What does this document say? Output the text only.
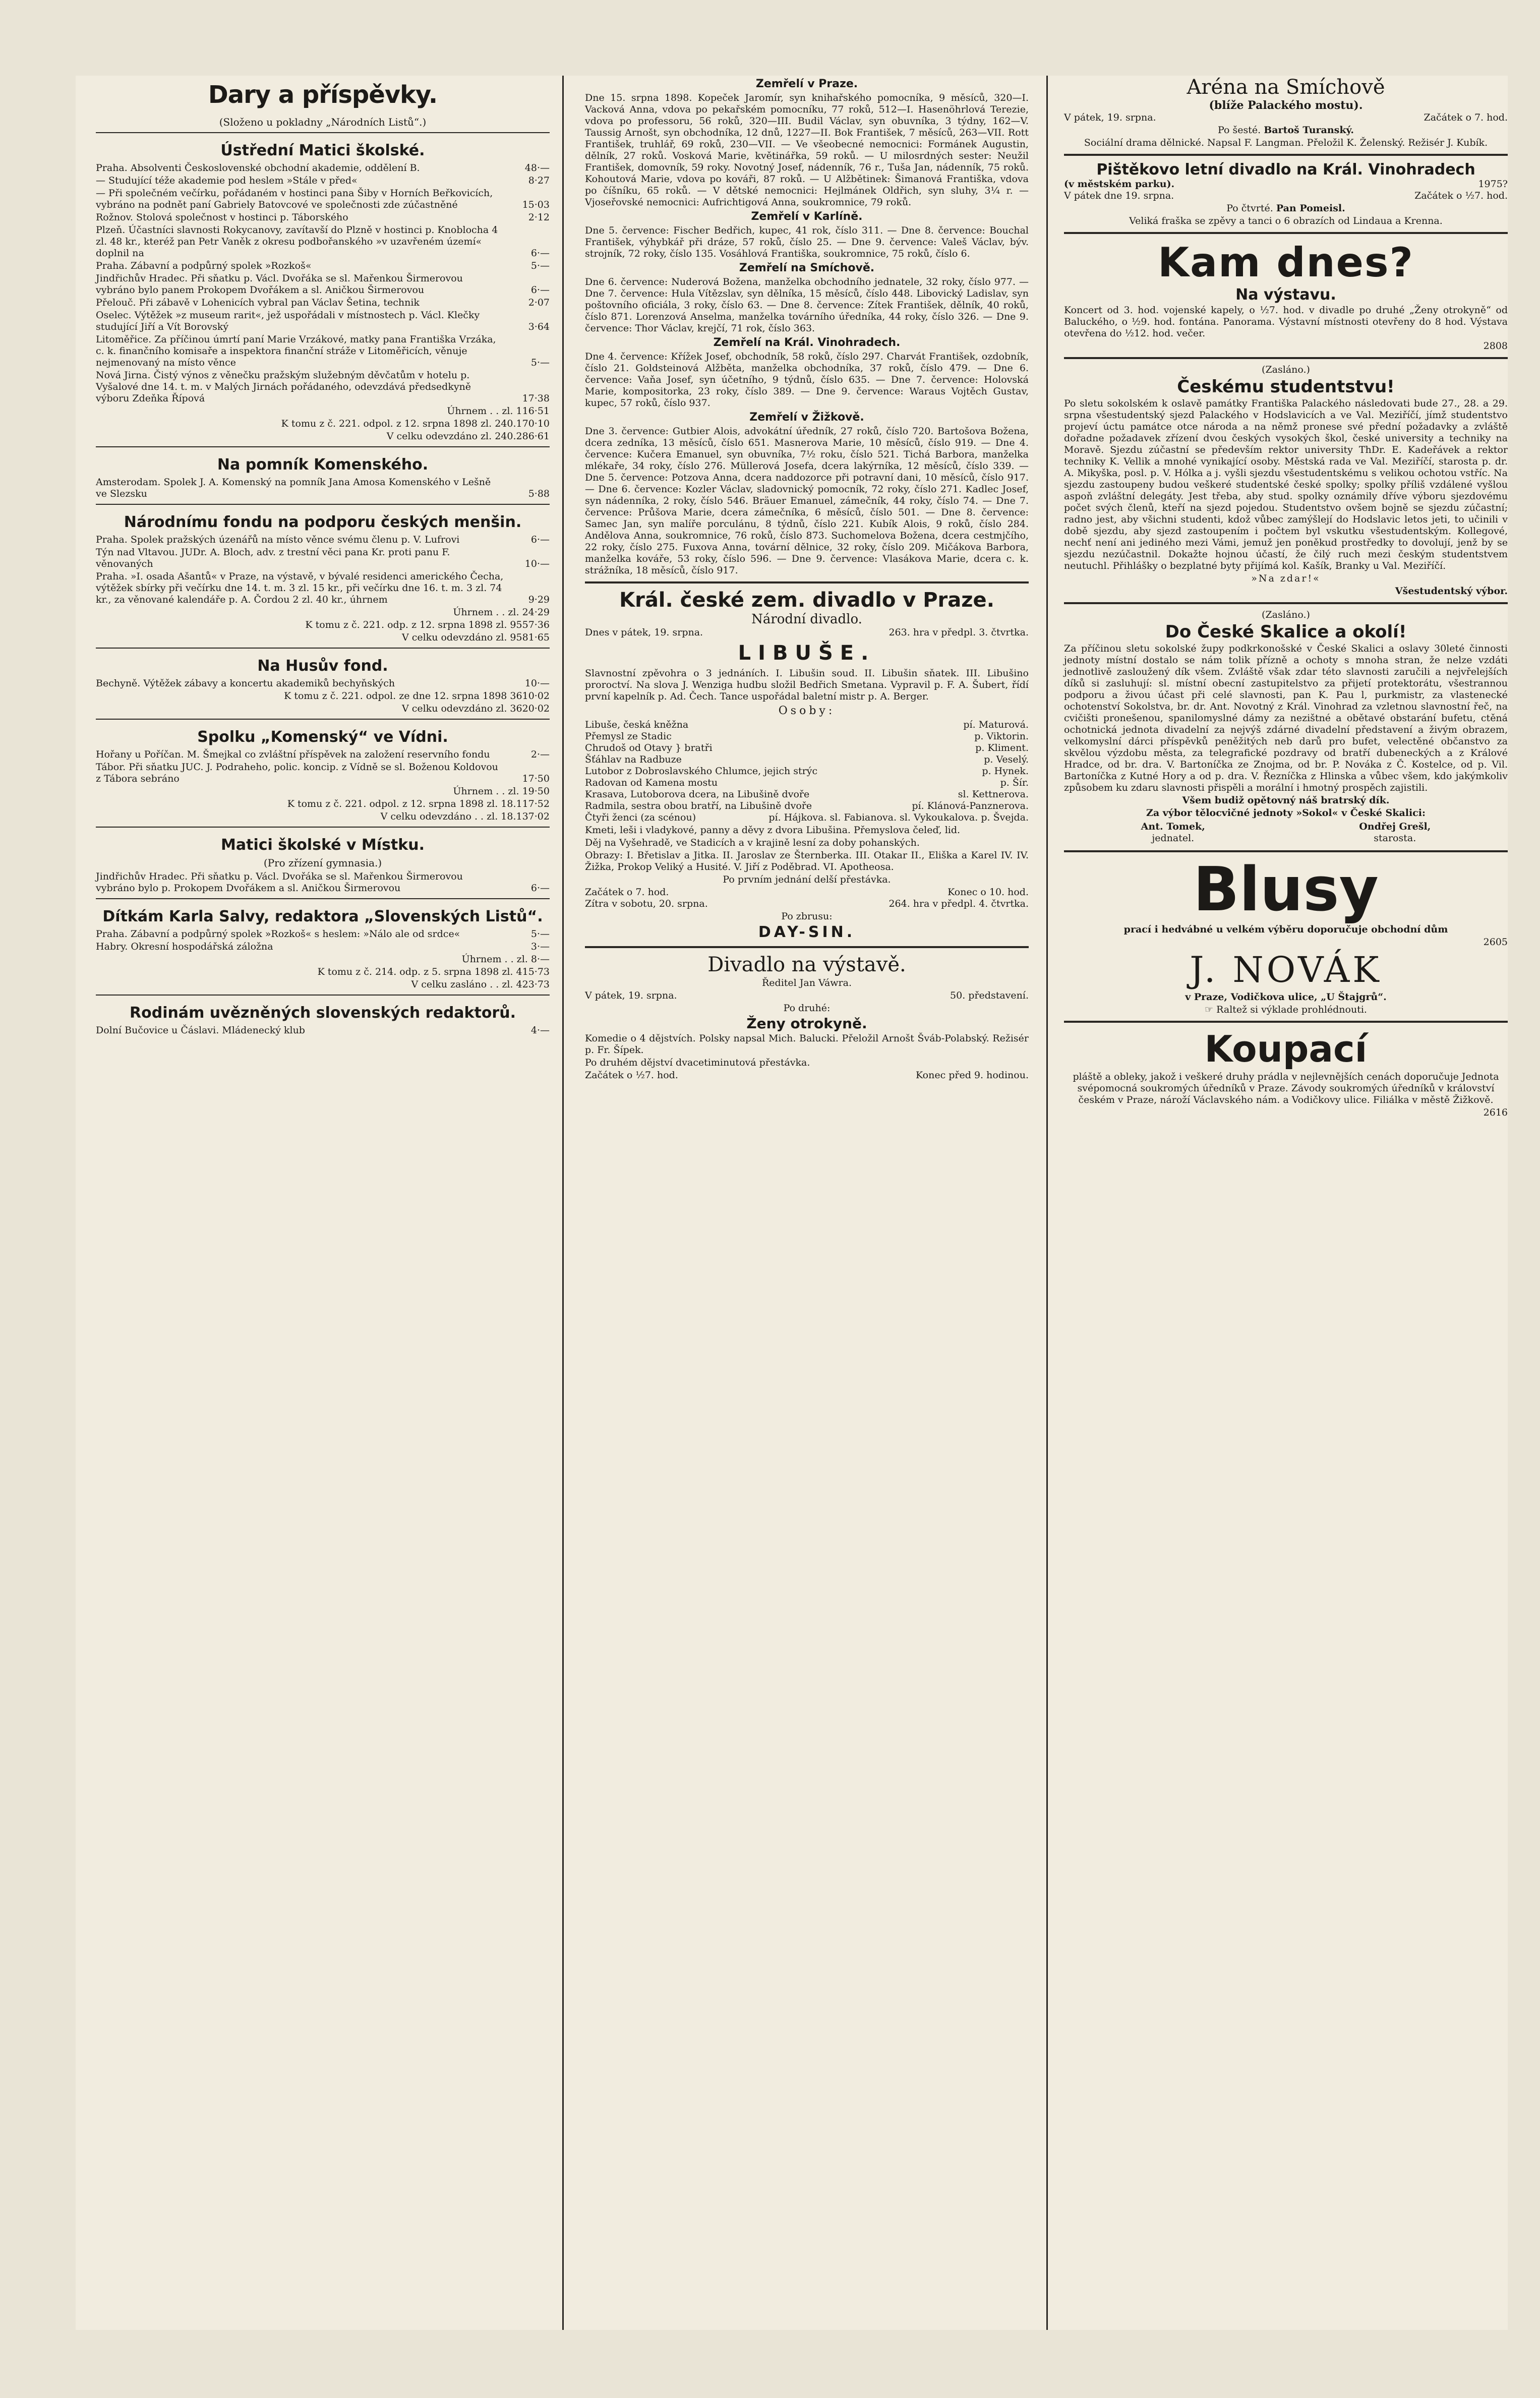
Dary a příspěvky.
(Složeno u pokladny „Národních Listů“.)
Ústřední Matici školské.
Praha. Absolventi Československé obchodní akademie, oddělení B.	48·—
— Studující téže akademie pod heslem »Stále v před«	8·27
— Při společném večírku, pořádaném v hostinci pana Šiby v Horních Beřkovicích, vybráno na podnět paní Gabriely Batovcové ve společnosti zde zúčastněné	15·03
Rožnov. Stolová společnost v hostinci p. Táborského	2·12
Plzeň. Účastníci slavnosti Rokycanovy, zavítavší do Plzně v hostinci p. Knoblocha 4 zl. 48 kr., kteréž pan Petr Vaněk z okresu podbořanského »v uzavřeném území« doplnil na	6·—
Praha. Zábavní a podpůrný spolek »Rozkoš«	5·—
Jindřichův Hradec. Při sňatku p. Václ. Dvořáka se sl. Mařenkou Širmerovou vybráno bylo panem Prokopem Dvořákem a sl. Aničkou Širmerovou	6·—
Přelouč. Při zábavě v Lohenicích vybral pan Václav Šetina, technik	2·07
Oselec. Výtěžek »z museum rarit«, jež uspořádali v místnostech p. Václ. Klečky studující Jiří a Vít Borovský	3·64
Litoměřice. Za příčinou úmrtí paní Marie Vrzákové, matky pana Františka Vrzáka, c. k. finančního komisaře a inspektora finanční stráže v Litoměřicích, věnuje nejmenovaný na místo věnce	5·—
Nová Jirna. Čistý výnos z věnečku pražským služebným děvčatům v hotelu p. Vyšalové dne 14. t. m. v Malých Jirnách pořádaného, odevzdává předsedkyně výboru Zdeňka Řípová	17·38
Úhrnem . . zl. 116·51
K tomu z č. 221. odpol. z 12. srpna 1898 zl. 240.170·10
V celku odevzdáno zl. 240.286·61
Na pomník Komenského.
Amsterodam. Spolek J. A. Komenský na pomník Jana Amosa Komenského v Lešně ve Slezsku	5·88
Národnímu fondu na podporu českých menšin.
Praha. Spolek pražských úzenářů na místo věnce svému členu p. V. Lufrovi	6·—
Týn nad Vltavou. JUDr. A. Bloch, adv. z trestní věci pana Kr. proti panu F. věnovaných	10·—
Praha. »I. osada Ašantů« v Praze, na výstavě, v bývalé residenci amerického Čecha, výtěžek sbírky při večírku dne 14. t. m. 3 zl. 15 kr., při večírku dne 16. t. m. 3 zl. 74 kr., za věnované kalendáře p. A. Čordou 2 zl. 40 kr., úhrnem	9·29
Úhrnem . . zl. 24·29
K tomu z č. 221. odp. z 12. srpna 1898 zl. 9557·36
V celku odevzdáno zl. 9581·65
Na Husův fond.
Bechyně. Výtěžek zábavy a koncertu akademiků bechyňských	10·—
K tomu z č. 221. odpol. ze dne 12. srpna 1898 3610·02
V celku odevzdáno zl. 3620·02
Spolku „Komenský“ ve Vídni.
Hořany u Poříčan. M. Šmejkal co zvláštní příspěvek na založení reservního fondu	2·—
Tábor. Při sňatku JUC. J. Podraheho, polic. koncip. z Vídně se sl. Boženou Koldovou z Tábora sebráno	17·50
Úhrnem . . zl. 19·50
K tomu z č. 221. odpol. z 12. srpna 1898 zl. 18.117·52
V celku odevzdáno . . zl. 18.137·02
Matici školské v Místku.
(Pro zřízení gymnasia.)
Jindřichův Hradec. Při sňatku p. Václ. Dvořáka se sl. Mařenkou Širmerovou vybráno bylo p. Prokopem Dvořákem a sl. Aničkou Širmerovou	6·—
Dítkám Karla Salvy, redaktora „Slovenských Listů“.
Praha. Zábavní a podpůrný spolek »Rozkoš« s heslem: »Nálo ale od srdce«	5·—
Habry. Okresní hospodářská záložna	3·—
Úhrnem . . zl. 8·—
K tomu z č. 214. odp. z 5. srpna 1898 zl. 415·73
V celku zasláno . . zl. 423·73
Rodinám uvězněných slovenských redaktorů.
Dolní Bučovice u Čáslavi. Mládenecký klub	4·—
Zemřelí v Praze.
Dne 15. srpna 1898. Kopeček Jaromír, syn knihařského pomocníka, 9 měsíců, 320—I. Vacková Anna, vdova po pekařském pomocníku, 77 roků, 512—I. Hasenöhrlová Terezie, vdova po professoru, 56 roků, 320—III. Budil Václav, syn obuvníka, 3 týdny, 162—V. Taussig Arnošt, syn obchodníka, 12 dnů, 1227—II. Bok František, 7 měsíců, 263—VII. Rott František, truhlář, 69 roků, 230—VII. — Ve všeobecné nemocnici: Formánek Augustin, dělník, 27 roků. Vosková Marie, květinářka, 59 roků. — U milosrdných sester: Neužil František, domovník, 59 roky. Novotný Josef, nádenník, 76 r., Tuša Jan, nádenník, 75 roků. Kohoutová Marie, vdova po kováři, 87 roků. — U Alžbětinek: Šimanová Františka, vdova po číšníku, 65 roků. — V dětské nemocnici: Hejlmánek Oldřich, syn sluhy, 3¼ r. — Vjoseřovské nemocnici: Aufrichtigová Anna, soukromnice, 79 roků.
Zemřelí v Karlíně.
Dne 5. července: Fischer Bedřich, kupec, 41 rok, číslo 311. — Dne 8. července: Bouchal František, výhybkář při dráze, 57 roků, číslo 25. — Dne 9. července: Valeš Václav, býv. strojník, 72 roky, číslo 135. Vosáhlová Františka, soukromnice, 75 roků, číslo 6.
Zemřelí na Smíchově.
Dne 6. července: Nuderová Božena, manželka obchodního jednatele, 32 roky, číslo 977. — Dne 7. července: Hula Vítězslav, syn dělníka, 15 měsíců, číslo 448. Libovický Ladislav, syn poštovního oficiála, 3 roky, číslo 63. — Dne 8. července: Zítek František, dělník, 40 roků, číslo 871. Lorenzová Anselma, manželka továrního úředníka, 44 roky, číslo 326. — Dne 9. července: Thor Václav, krejčí, 71 rok, číslo 363.
Zemřelí na Král. Vinohradech.
Dne 4. července: Křížek Josef, obchodník, 58 roků, číslo 297. Charvát František, ozdobník, číslo 21. Goldsteinová Alžběta, manželka obchodníka, 37 roků, číslo 479. — Dne 6. července: Vaňa Josef, syn účetního, 9 týdnů, číslo 635. — Dne 7. července: Holovská Marie, kompositorka, 23 roky, číslo 389. — Dne 9. července: Waraus Vojtěch Gustav, kupec, 57 roků, číslo 937.
Zemřelí v Žižkově.
Dne 3. července: Gutbier Alois, advokátní úředník, 27 roků, číslo 720. Bartošova Božena, dcera zedníka, 13 měsíců, číslo 651. Masnerova Marie, 10 měsíců, číslo 919. — Dne 4. července: Kučera Emanuel, syn obuvníka, 7½ roku, číslo 521. Tichá Barbora, manželka mlékaře, 34 roky, číslo 276. Müllerová Josefa, dcera lakýrníka, 12 měsíců, číslo 339. — Dne 5. července: Potzova Anna, dcera naddozorce při potravní dani, 10 měsíců, číslo 917. — Dne 6. července: Kozler Václav, sladovnický pomocník, 72 roky, číslo 271. Kadlec Josef, syn nádenníka, 2 roky, číslo 546. Bräuer Emanuel, zámečník, 44 roky, číslo 74. — Dne 7. července: Průšova Marie, dcera zámečníka, 6 měsíců, číslo 501. — Dne 8. července: Samec Jan, syn malíře porculánu, 8 týdnů, číslo 221. Kubík Alois, 9 roků, číslo 284. Andělova Anna, soukromnice, 76 roků, číslo 873. Suchomelova Božena, dcera cestmjčího, 22 roky, číslo 275. Fuxova Anna, tovární dělnice, 32 roky, číslo 209. Mičákova Barbora, manželka kováře, 53 roky, číslo 596. — Dne 9. července: Vlasákova Marie, dcera c. k. strážníka, 18 měsíců, číslo 917.
Král. české zem. divadlo v Praze.
Národní divadlo.
Dnes v pátek, 19. srpna.	263. hra v předpl. 3. čtvrtka.
LIBUŠE.
Slavnostní zpěvohra o 3 jednáních. I. Libušin soud. II. Libušin sňatek. III. Libušino proroctví. Na slova J. Wenziga hudbu složil Bedřich Smetana. Vypravil p. F. A. Šubert, řídí první kapelník p. Ad. Čech. Tance uspořádal baletní mistr p. A. Berger.
Osoby:
Libuše, česká kněžna	pí. Maturová.
Přemysl ze Stadic	p. Viktorin.
Chrudoš od Otavy } bratři	p. Kliment.
Šťáhlav na Radbuze	p. Veselý.
Lutobor z Dobroslavského Chlumce, jejich strýc	p. Hynek.
Radovan od Kamena mostu	p. Šír.
Krasava, Lutoborova dcera, na Libušině dvoře	sl. Kettnerova.
Radmila, sestra obou bratří, na Libušině dvoře	pí. Klánová-Panznerova.
Čtyři ženci (za scénou)	pí. Hájkova. sl. Fabianova. sl. Vykoukalova. p. Švejda.
Kmeti, leši i vladykové, panny a děvy z dvora Libušina. Přemyslova čeleď, lid.
Děj na Vyšehradě, ve Stadicích a v krajině lesní za doby pohanských.
Obrazy: I. Břetislav a Jitka. II. Jaroslav ze Šternberka. III. Otakar II., Eliška a Karel IV. IV. Žižka, Prokop Veliký a Husité. V. Jiří z Poděbrad. VI. Apotheosa.
Po prvním jednání delší přestávka.
Začátek o 7. hod.	Konec o 10. hod.
Zítra v sobotu, 20. srpna.	264. hra v předpl. 4. čtvrtka.
Po zbrusu:
DAY-SIN.
Divadlo na výstavě.
Ředitel Jan Váwra.
V pátek, 19. srpna.	50. představení.
Po druhé:
Ženy otrokyně.
Komedie o 4 dějstvích. Polsky napsal Mich. Balucki. Přeložil Arnošt Šváb-Polabský. Režisér p. Fr. Šípek.
Po druhém dějství dvacetiminutová přestávka.
Začátek o ½7. hod.	Konec před 9. hodinou.
Aréna na Smíchově
(blíže Palackého mostu).
V pátek, 19. srpna.	Začátek o 7. hod.
Po šesté. Bartoš Turanský.
Sociální drama dělnické. Napsal F. Langman. Přeložil K. Želenský. Režisér J. Kubík.
Pištěkovo letní divadlo na Král. Vinohradech
(v městském parku).	1975?
V pátek dne 19. srpna.	Začátek o ½7. hod.
Po čtvrté. Pan Pomeisl.
Veliká fraška se zpěvy a tanci o 6 obrazích od Lindaua a Krenna.
Kam dnes?
Na výstavu.
Koncert od 3. hod. vojenské kapely, o ½7. hod. v divadle po druhé „Ženy otrokyně“ od Baluckého, o ½9. hod. fontána. Panorama. Výstavní místnosti otevřeny do 8 hod. Výstava otevřena do ½12. hod. večer.
2808
(Zasláno.)
Českému studentstvu!
Po sletu sokolském k oslavě památky Františka Palackého následovati bude 27., 28. a 29. srpna všestudentský sjezd Palackého v Hodslavicích a ve Val. Meziříčí, jímž studentstvo projeví úctu památce otce národa a na němž pronese své přední požadavky a zvláště dořadne požadavek zřízení dvou českých vysokých škol, české university a techniky na Moravě. Sjezdu zúčastní se především rektor university ThDr. E. Kadeřávek a rektor techniky K. Vellik a mnohé vynikající osoby. Městská rada ve Val. Meziříčí, starosta p. dr. A. Mikyška, posl. p. V. Hólka a j. vyšli sjezdu všestudentskému s velikou ochotou vstříc. Na sjezdu zastoupeny budou veškeré studentské české spolky; spolky příliš vzdálené vyšlou aspoň zvláštní delegáty. Jest třeba, aby stud. spolky oznámily dříve výboru sjezdovému počet svých členů, kteří na sjezd pojedou. Studentstvo ovšem bojně se sjezdu zúčastní; radno jest, aby všichni studenti, kdož vůbec zamýšlejí do Hodslavic letos jeti, to učinili v době sjezdu, aby sjezd zastoupením i počtem byl vskutku všestudentským. Kollegové, nechť není ani jediného mezi Vámi, jemuž jen poněkud prostředky to dovolují, jenž by se sjezdu nezúčastnil. Dokažte hojnou účastí, že čilý ruch mezi českým studentstvem neutuchl. Přihlášky o bezplatné byty přijímá kol. Kašík, Branky u Val. Meziříčí.
»Na zdar!«
Všestudentský výbor.
(Zasláno.)
Do České Skalice a okolí!
Za příčinou sletu sokolské župy podkrkonošské v České Skalici a oslavy 30leté činnosti jednoty místní dostalo se nám tolik přízně a ochoty s mnoha stran, že nelze vzdáti jednotlivě zasloužený dík všem. Zvláště však zdar této slavnosti zaručili a nejvřelejších díků si zasluhují: sl. místní obecní zastupitelstvo za přijetí protektorátu, všestrannou podporu a živou účast při celé slavnosti, pan K. Pau l, purkmistr, za vlastenecké ochotenství Sokolstva, br. dr. Ant. Novotný z Král. Vinohrad za vzletnou slavnostní řeč, na cvičišti pronešenou, spanilomyslné dámy za nezištné a obětavé obstarání bufetu, ctěná ochotnická jednota divadelní za nejvýš zdárné divadelní představení a živým obrazem, velkomyslní dárci příspěvků peněžitých neb darů pro bufet, velectěné občanstvo za skvělou výzdobu města, za telegrafické pozdravy od bratří dubeneckých a z Králové Hradce, od br. dra. V. Bartoníčka ze Znojma, od br. P. Nováka z Č. Kostelce, od p. Vil. Bartoníčka z Kutné Hory a od p. dra. V. Řezníčka z Hlinska a vůbec všem, kdo jakýmkoliv způsobem ku zdaru slavnosti přispěli a morální i hmotný prospěch zajistili.
Všem budiž opětovný náš bratrský dík.
Za výbor tělocvičné jednoty »Sokol« v České Skalici:
Ant. Tomek,
jednatel.
Ondřej Grešl,
starosta.
Blusy
prací i hedvábné u velkém výběru doporučuje obchodní dům
2605
J. NOVÁK
v Praze, Vodičkova ulice, „U Štajgrů“.
☞ Raltež si výklade prohlédnouti.
Koupací
pláště a obleky, jakož i veškeré druhy prádla v nejlevnějších cenách doporučuje Jednota svépomocná soukromých úředníků v Praze. Závody soukromých úředníků v království českém v Praze, nároží Václavského nám. a Vodičkovy ulice. Filiálka v městě Žižkově.
2616
